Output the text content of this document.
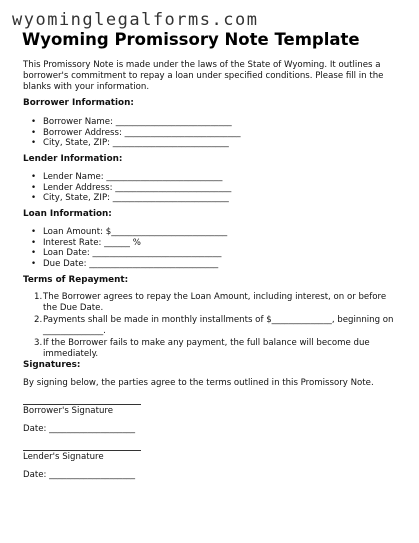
wyominglegalforms.com
Wyoming Promissory Note Template
This Promissory Note is made under the laws of the State of Wyoming. It outlines a borrower's commitment to repay a loan under specified conditions. Please fill in the blanks with your information.
Borrower Information:
• Borrower Name: ___________________________
• Borrower Address: ___________________________
• City, State, ZIP: ___________________________
Lender Information:
• Lender Name: ___________________________
• Lender Address: ___________________________
• City, State, ZIP: ___________________________
Loan Information:
• Loan Amount: $___________________________
• Interest Rate: ______ %
• Loan Date: ______________________________
• Due Date: ______________________________
Terms of Repayment:
1. The Borrower agrees to repay the Loan Amount, including interest, on or before the Due Date.
2. Payments shall be made in monthly installments of $______________, beginning on ______________.
3. If the Borrower fails to make any payment, the full balance will become due immediately.
Signatures:
By signing below, the parties agree to the terms outlined in this Promissory Note.
Borrower's Signature
Date: ____________________
Lender's Signature
Date: ____________________
